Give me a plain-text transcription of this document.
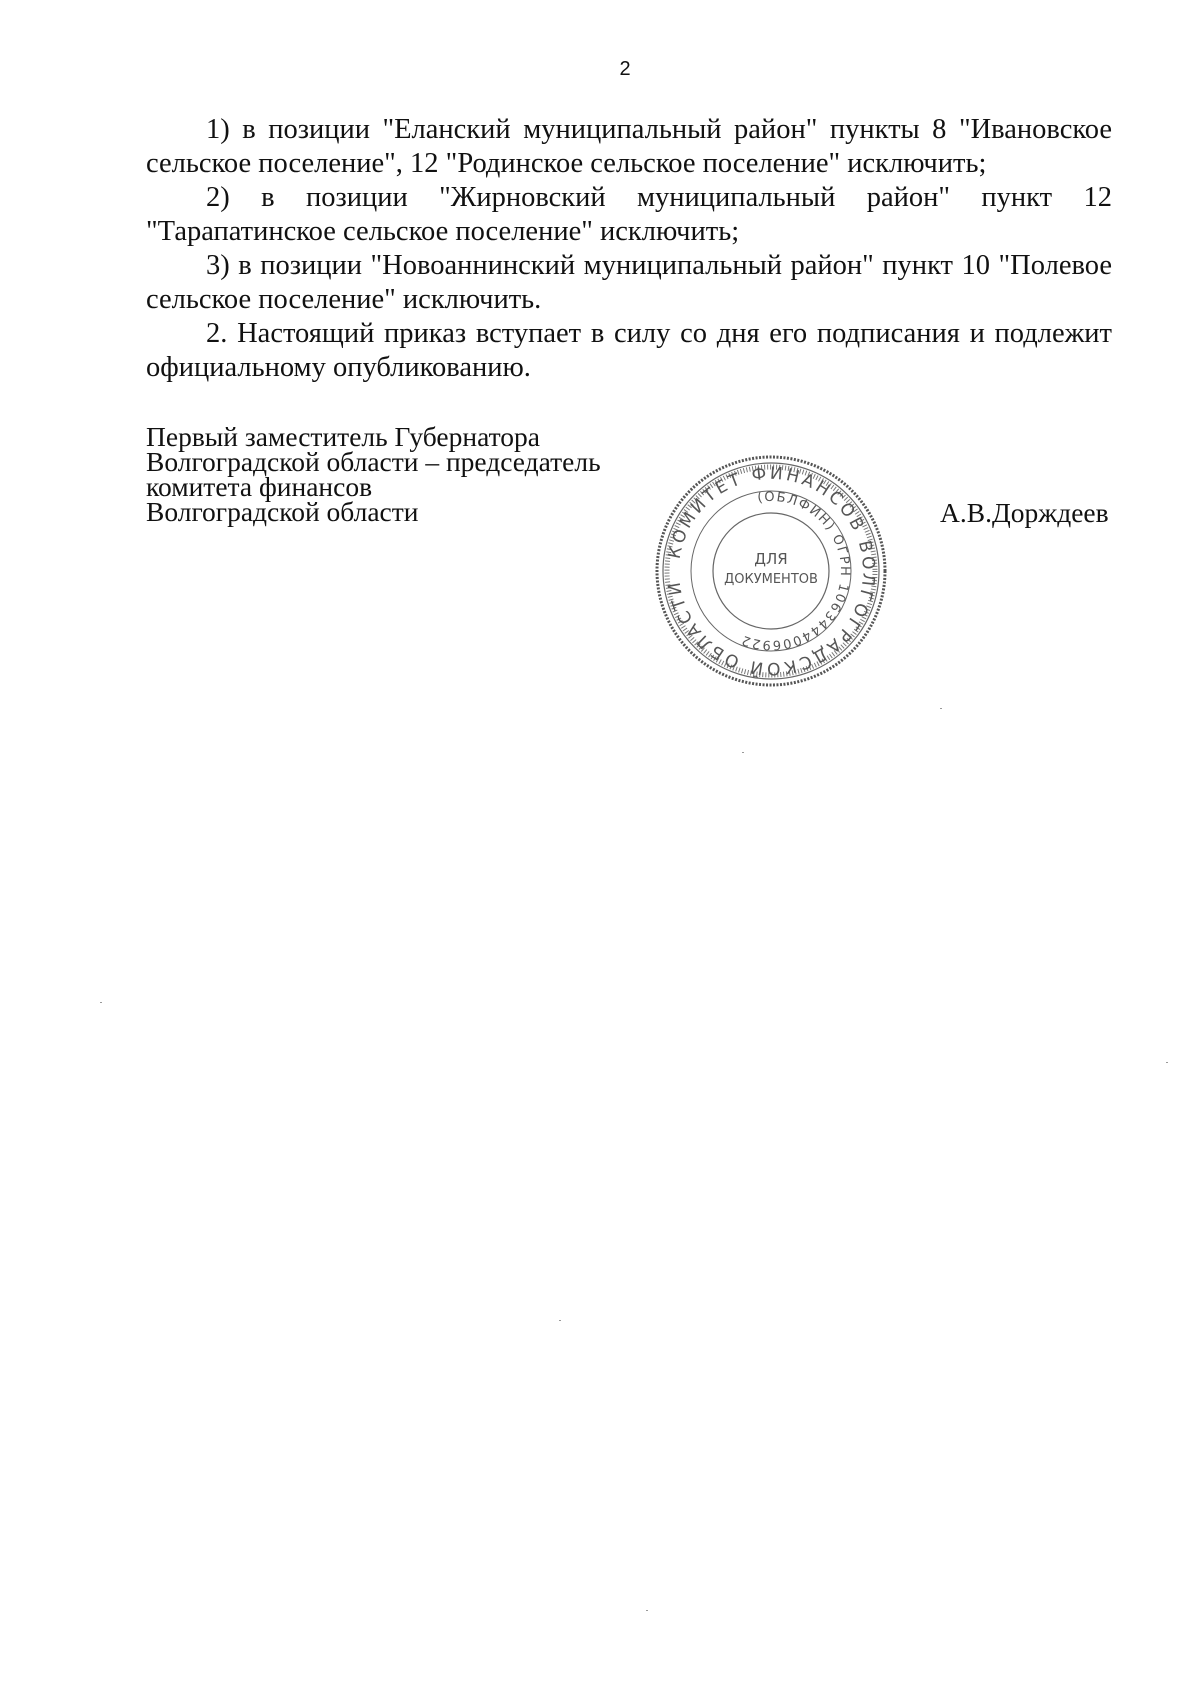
2

1) в позиции "Еланский муниципальный район" пункты 8 "Ивановское сельское поселение", 12 "Родинское сельское поселение" исключить;

2) в позиции "Жирновский муниципальный район" пункт 12 "Тарапатинское сельское поселение" исключить;

3) в позиции "Новоаннинский муниципальный район" пункт 10 "Полевое сельское поселение" исключить.

2. Настоящий приказ вступает в силу со дня его подписания и подлежит официальному опубликованию.

Первый заместитель Губернатора
Волгоградской области – председатель
комитета финансов
Волгоградской области
КОМИТЕТ ФИНАНСОВ ВОЛГОГРАДСКОЙ ОБЛАСТИ
(ОБЛФИН) ОГРН 1063444006922
ДЛЯ
ДОКУМЕНТОВ
А.В.Дорждеев
